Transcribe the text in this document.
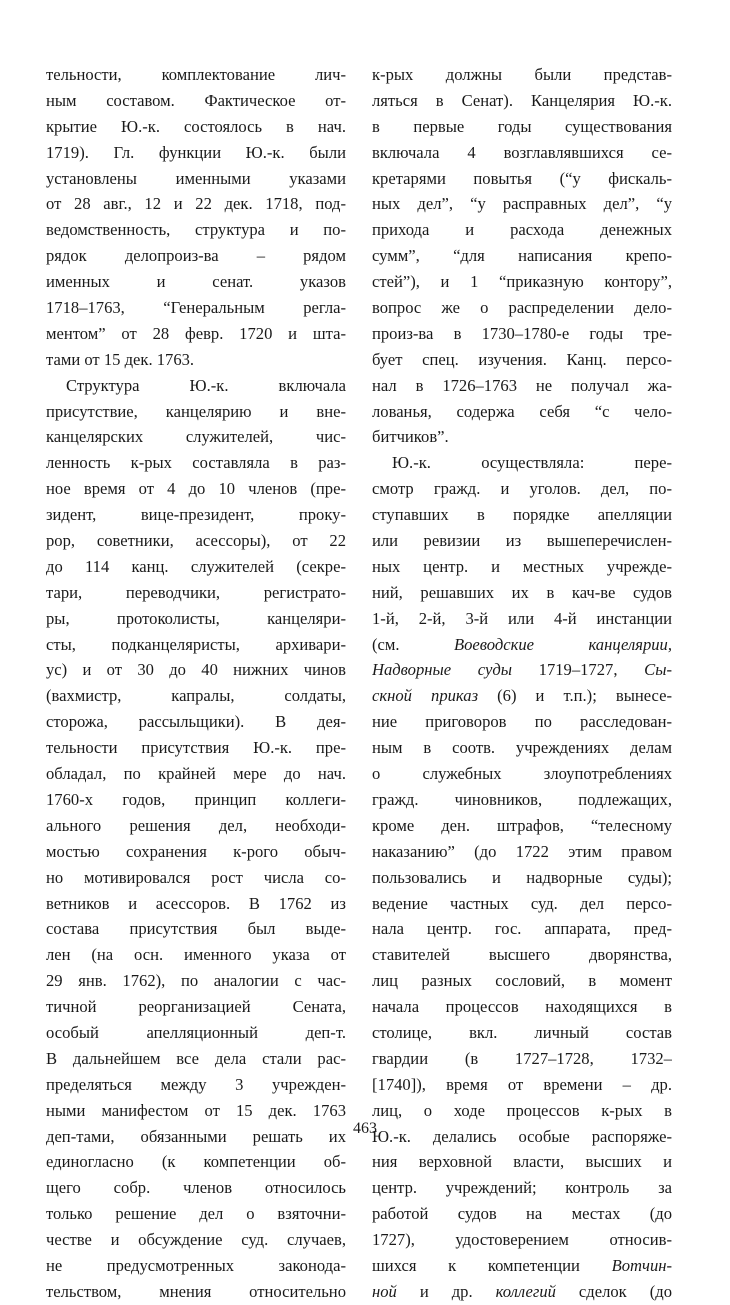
тельности, комплектование лич-
ным составом. Фактическое от-
крытие Ю.-к. состоялось в нач.
1719). Гл. функции Ю.-к. были
установлены именными указами
от 28 авг., 12 и 22 дек. 1718, под-
ведомственность, структура и по-
рядок делопроиз-ва – рядом
именных и сенат. указов
1718–1763, “Генеральным регла-
ментом” от 28 февр. 1720 и шта-
тами от 15 дек. 1763.
Структура Ю.-к. включала
присутствие, канцелярию и вне-
канцелярских служителей, чис-
ленность к-рых составляла в раз-
ное время от 4 до 10 членов (пре-
зидент, вице-президент, проку-
рор, советники, асессоры), от 22
до 114 канц. служителей (секре-
тари, переводчики, регистрато-
ры, протоколисты, канцеляри-
сты, подканцеляристы, архивари-
ус) и от 30 до 40 нижних чинов
(вахмистр, капралы, солдаты,
сторожа, рассыльщики). В дея-
тельности присутствия Ю.-к. пре-
обладал, по крайней мере до нач.
1760-х годов, принцип коллеги-
ального решения дел, необходи-
мостью сохранения к-рого обыч-
но мотивировался рост числа со-
ветников и асессоров. В 1762 из
состава присутствия был выде-
лен (на осн. именного указа от
29 янв. 1762), по аналогии с час-
тичной реорганизацией Сената,
особый апелляционный деп-т.
В дальнейшем все дела стали рас-
пределяться между 3 учрежден-
ными манифестом от 15 дек. 1763
деп-тами, обязанными решать их
единогласно (к компетенции об-
щего собр. членов относилось
только решение дел о взяточни-
честве и обсуждение суд. случаев,
не предусмотренных законода-
тельством, мнения относительно
к-рых должны были представ-
ляться в Сенат). Канцелярия Ю.-к.
в первые годы существования
включала 4 возглавлявшихся се-
кретарями повытья (“у фискаль-
ных дел”, “у расправных дел”, “у
прихода и расхода денежных
сумм”, “для написания крепо-
стей”), и 1 “приказную контору”,
вопрос же о распределении дело-
произ-ва в 1730–1780-е годы тре-
бует спец. изучения. Канц. персо-
нал в 1726–1763 не получал жа-
лованья, содержа себя “с чело-
битчиков”.
Ю.-к. осуществляла: пере-
смотр гражд. и уголов. дел, по-
ступавших в порядке апелляции
или ревизии из вышеперечислен-
ных центр. и местных учрежде-
ний, решавших их в кач-ве судов
1-й, 2-й, 3-й или 4-й инстанции
(см. Воеводские канцелярии,
Надворные суды 1719–1727, Сы-
скной приказ (6) и т.п.); вынесе-
ние приговоров по расследован-
ным в соотв. учреждениях делам
о служебных злоупотреблениях
гражд. чиновников, подлежащих,
кроме ден. штрафов, “телесному
наказанию” (до 1722 этим правом
пользовались и надворные суды);
ведение частных суд. дел персо-
нала центр. гос. аппарата, пред-
ставителей высшего дворянства,
лиц разных сословий, в момент
начала процессов находящихся в
столице, вкл. личный состав
гвардии (в 1727–1728, 1732–
[1740]), время от времени – др.
лиц, о ходе процессов к-рых в
Ю.-к. делались особые распоряже-
ния верховной власти, высших и
центр. учреждений; контроль за
работой судов на местах (до
1727), удостоверением относив-
шихся к компетенции Вотчин-
ной и др. коллегий сделок (до
463
